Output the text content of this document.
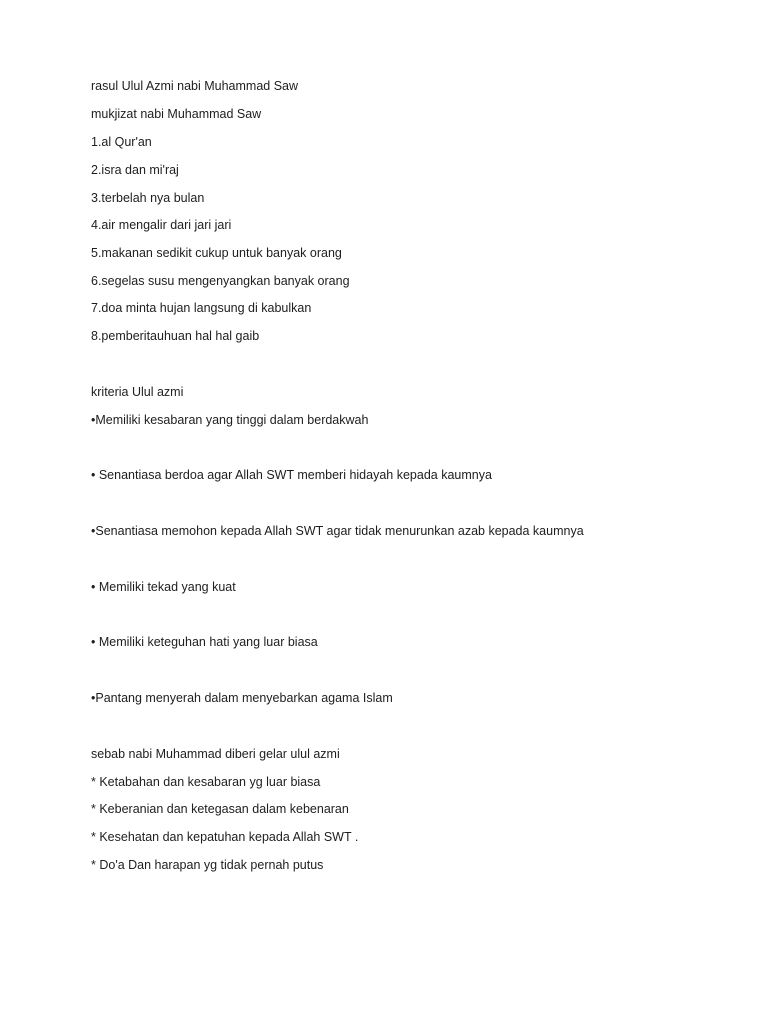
rasul Ulul Azmi nabi Muhammad Saw
mukjizat nabi Muhammad Saw
1.al Qur'an
2.isra dan mi'raj
3.terbelah nya bulan
4.air mengalir dari jari jari
5.makanan sedikit cukup untuk banyak orang
6.segelas susu mengenyangkan banyak orang
7.doa minta hujan langsung di kabulkan
8.pemberitauhuan hal hal gaib
kriteria Ulul azmi
•Memiliki kesabaran yang tinggi dalam berdakwah
• Senantiasa berdoa agar Allah SWT memberi hidayah kepada kaumnya
•Senantiasa memohon kepada Allah SWT agar tidak menurunkan azab kepada kaumnya
• Memiliki tekad yang kuat
• Memiliki keteguhan hati yang luar biasa
•Pantang menyerah dalam menyebarkan agama Islam
sebab nabi Muhammad diberi gelar ulul azmi
* Ketabahan dan kesabaran yg luar biasa
* Keberanian dan ketegasan dalam kebenaran
* Kesehatan dan kepatuhan kepada Allah SWT .
* Do'a Dan harapan yg tidak pernah putus
